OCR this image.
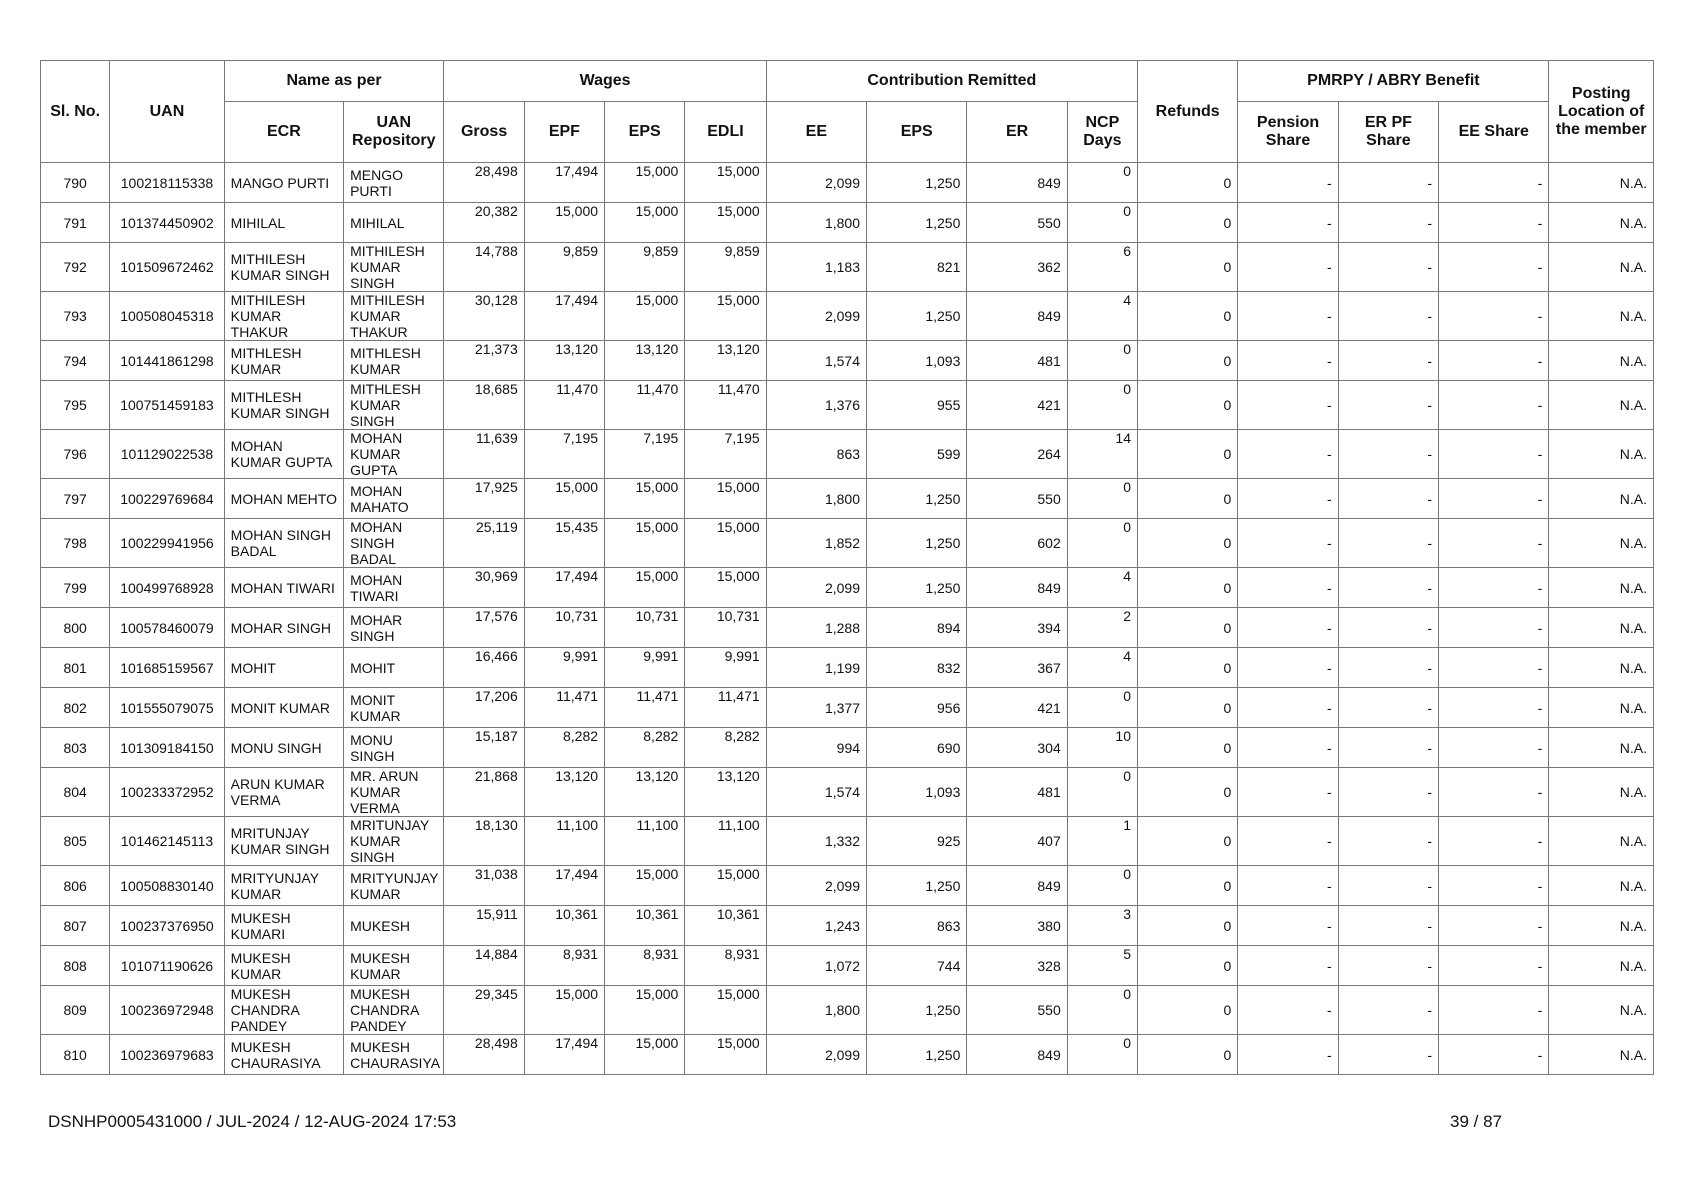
Sl. No.	UAN	Name as per		Wages				Contribution Remitted				Refunds	PMRPY / ABRY Benefit			Posting Location of the member
		ECR	UAN Repository	Gross	EPF	EPS	EDLI	EE	EPS	ER	NCP Days		Pension Share	ER PF Share	EE Share	
790	100218115338	MANGO PURTI	MENGO PURTI	28,498	17,494	15,000	15,000	2,099	1,250	849	0	0	-	-	-	N.A.
791	101374450902	MIHILAL	MIHILAL	20,382	15,000	15,000	15,000	1,800	1,250	550	0	0	-	-	-	N.A.
792	101509672462	MITHILESH KUMAR SINGH	MITHILESH KUMAR SINGH	14,788	9,859	9,859	9,859	1,183	821	362	6	0	-	-	-	N.A.
793	100508045318	MITHILESH KUMAR THAKUR	MITHILESH KUMAR THAKUR	30,128	17,494	15,000	15,000	2,099	1,250	849	4	0	-	-	-	N.A.
794	101441861298	MITHLESH KUMAR	MITHLESH KUMAR	21,373	13,120	13,120	13,120	1,574	1,093	481	0	0	-	-	-	N.A.
795	100751459183	MITHLESH KUMAR SINGH	MITHLESH KUMAR SINGH	18,685	11,470	11,470	11,470	1,376	955	421	0	0	-	-	-	N.A.
796	101129022538	MOHAN KUMAR GUPTA	MOHAN KUMAR GUPTA	11,639	7,195	7,195	7,195	863	599	264	14	0	-	-	-	N.A.
797	100229769684	MOHAN MEHTO	MOHAN MAHATO	17,925	15,000	15,000	15,000	1,800	1,250	550	0	0	-	-	-	N.A.
798	100229941956	MOHAN SINGH BADAL	MOHAN SINGH BADAL	25,119	15,435	15,000	15,000	1,852	1,250	602	0	0	-	-	-	N.A.
799	100499768928	MOHAN TIWARI	MOHAN TIWARI	30,969	17,494	15,000	15,000	2,099	1,250	849	4	0	-	-	-	N.A.
800	100578460079	MOHAR SINGH	MOHAR SINGH	17,576	10,731	10,731	10,731	1,288	894	394	2	0	-	-	-	N.A.
801	101685159567	MOHIT	MOHIT	16,466	9,991	9,991	9,991	1,199	832	367	4	0	-	-	-	N.A.
802	101555079075	MONIT KUMAR	MONIT KUMAR	17,206	11,471	11,471	11,471	1,377	956	421	0	0	-	-	-	N.A.
803	101309184150	MONU SINGH	MONU SINGH	15,187	8,282	8,282	8,282	994	690	304	10	0	-	-	-	N.A.
804	100233372952	ARUN KUMAR VERMA	MR. ARUN KUMAR VERMA	21,868	13,120	13,120	13,120	1,574	1,093	481	0	0	-	-	-	N.A.
805	101462145113	MRITUNJAY KUMAR SINGH	MRITUNJAY KUMAR SINGH	18,130	11,100	11,100	11,100	1,332	925	407	1	0	-	-	-	N.A.
806	100508830140	MRITYUNJAY KUMAR	MRITYUNJAY KUMAR	31,038	17,494	15,000	15,000	2,099	1,250	849	0	0	-	-	-	N.A.
807	100237376950	MUKESH KUMARI	MUKESH	15,911	10,361	10,361	10,361	1,243	863	380	3	0	-	-	-	N.A.
808	101071190626	MUKESH KUMAR	MUKESH KUMAR	14,884	8,931	8,931	8,931	1,072	744	328	5	0	-	-	-	N.A.
809	100236972948	MUKESH CHANDRA PANDEY	MUKESH CHANDRA PANDEY	29,345	15,000	15,000	15,000	1,800	1,250	550	0	0	-	-	-	N.A.
810	100236979683	MUKESH CHAURASIYA	MUKESH CHAURASIYA	28,498	17,494	15,000	15,000	2,099	1,250	849	0	0	-	-	-	N.A.
DSNHP0005431000 / JUL-2024 / 12-AUG-2024 17:53	39 / 87
